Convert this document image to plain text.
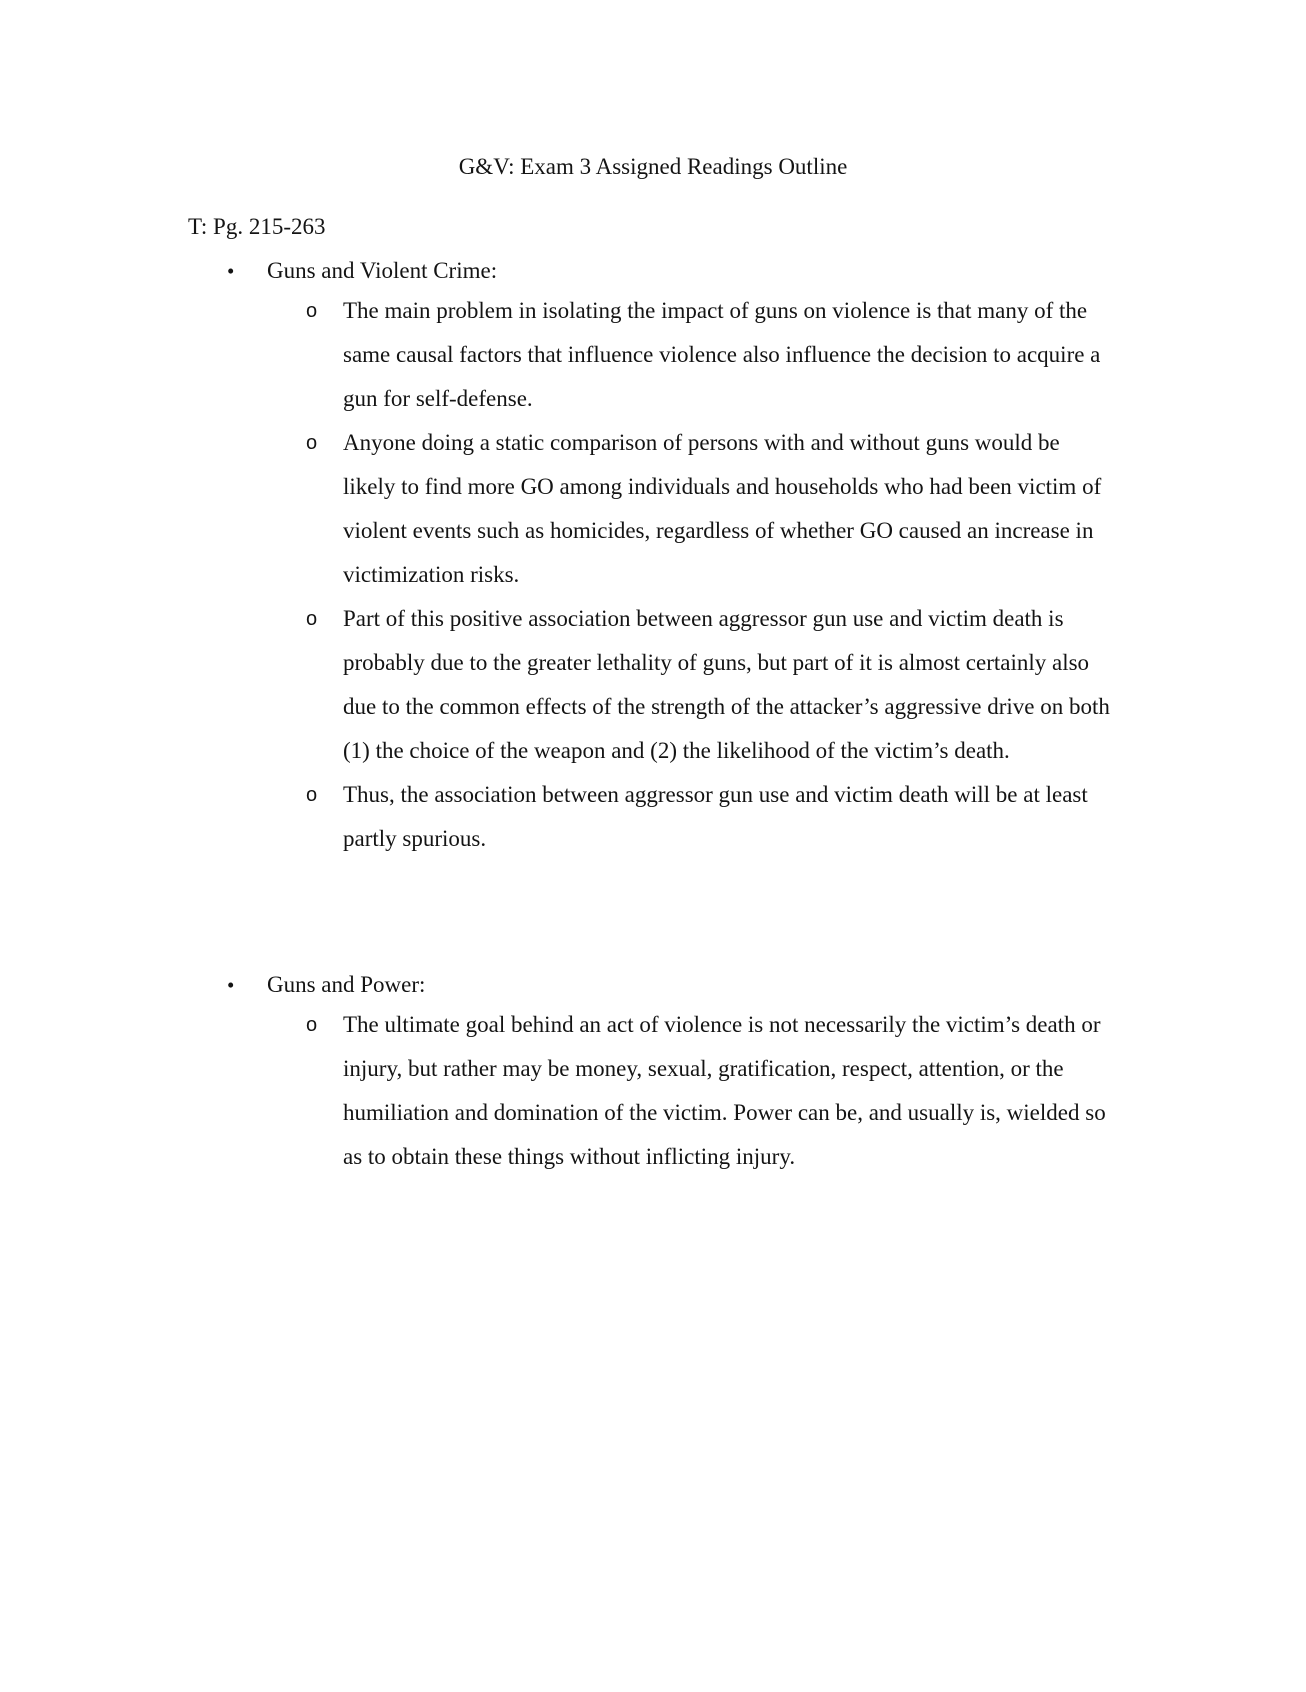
G&V: Exam 3 Assigned Readings Outline

T: Pg. 215-263

• Guns and Violent Crime:
o The main problem in isolating the impact of guns on violence is that many of the same causal factors that influence violence also influence the decision to acquire a gun for self-defense.
o Anyone doing a static comparison of persons with and without guns would be likely to find more GO among individuals and households who had been victim of violent events such as homicides, regardless of whether GO caused an increase in victimization risks.
o Part of this positive association between aggressor gun use and victim death is probably due to the greater lethality of guns, but part of it is almost certainly also due to the common effects of the strength of the attacker’s aggressive drive on both (1) the choice of the weapon and (2) the likelihood of the victim’s death.
o Thus, the association between aggressor gun use and victim death will be at least partly spurious.
• Guns and Power:
o The ultimate goal behind an act of violence is not necessarily the victim’s death or injury, but rather may be money, sexual, gratification, respect, attention, or the humiliation and domination of the victim. Power can be, and usually is, wielded so as to obtain these things without inflicting injury.
